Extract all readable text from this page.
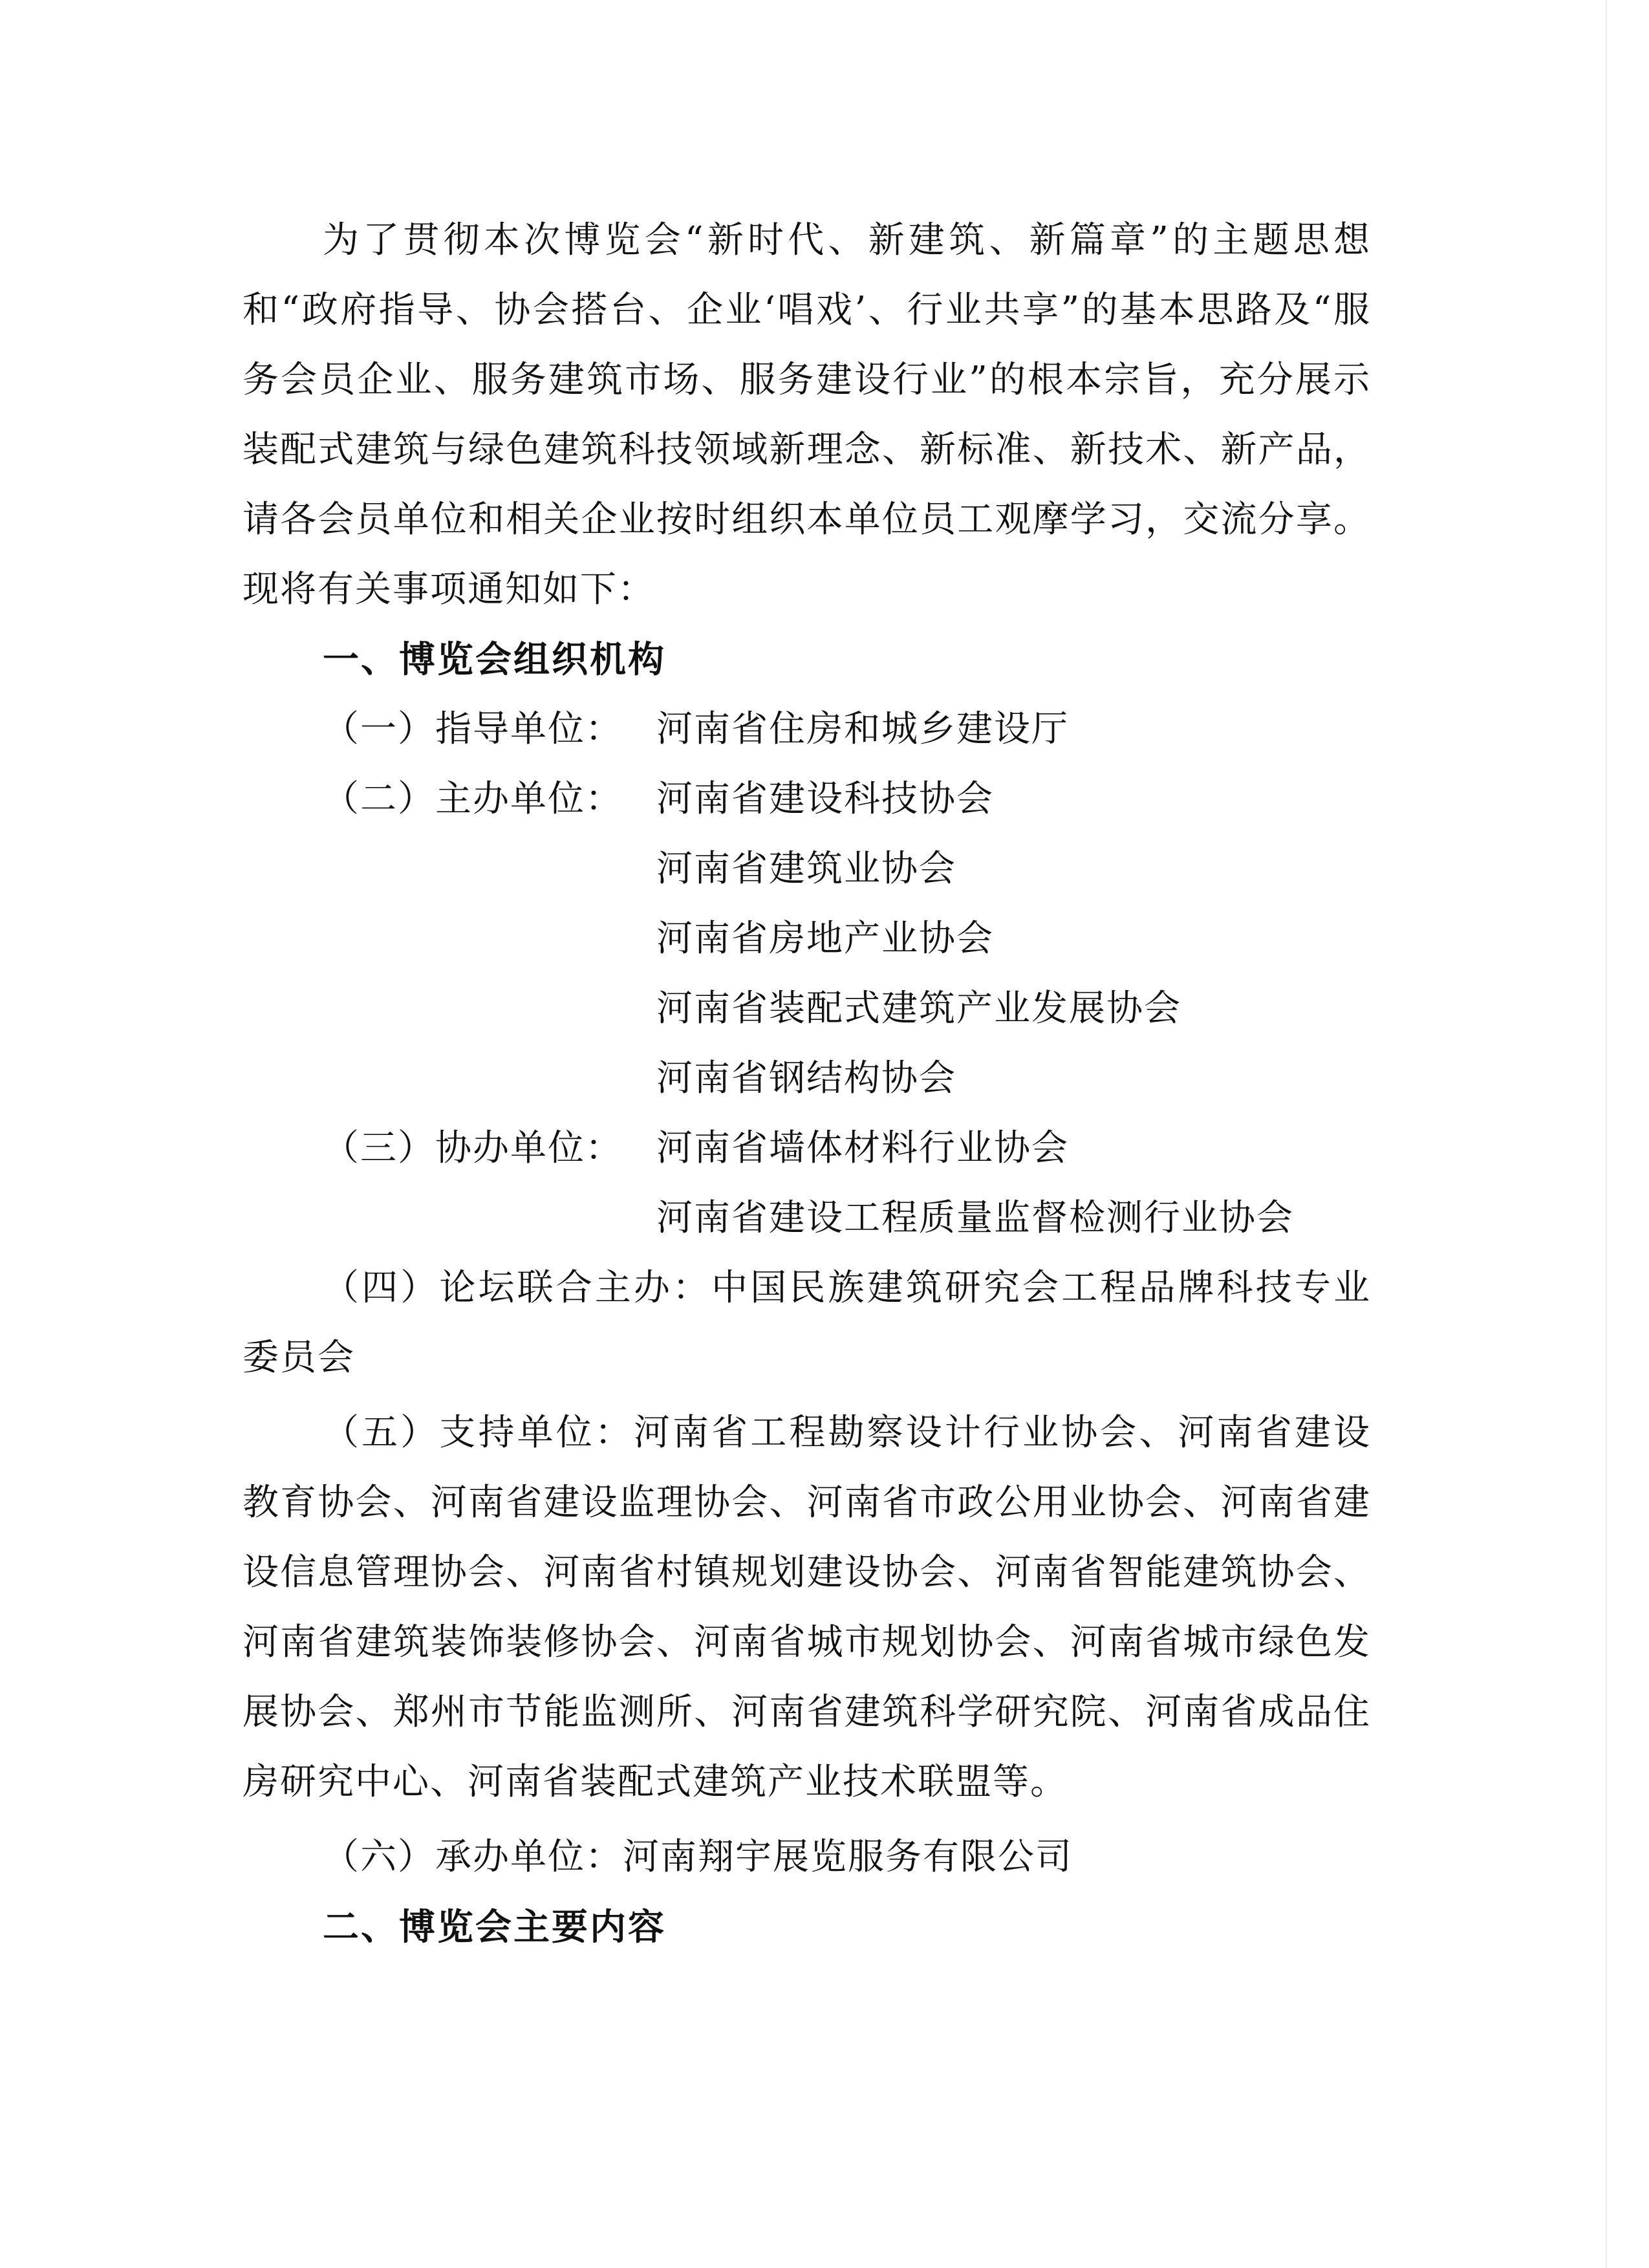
为了贯彻本次博览会“新时代、新建筑、新篇章”的主题思想和“政府指导、协会搭台、企业‘唱戏’、行业共享”的基本思路及“服务会员企业、服务建筑市场、服务建设行业”的根本宗旨，充分展示装配式建筑与绿色建筑科技领域新理念、新标准、新技术、新产品，请各会员单位和相关企业按时组织本单位员工观摩学习，交流分享。现将有关事项通知如下：

一、博览会组织机构

（一）指导单位： 河南省住房和城乡建设厅
（二）主办单位： 河南省建设科技协会
河南省建筑业协会
河南省房地产业协会
河南省装配式建筑产业发展协会
河南省钢结构协会
（三）协办单位： 河南省墙体材料行业协会
河南省建设工程质量监督检测行业协会

（四）论坛联合主办：中国民族建筑研究会工程品牌科技专业委员会

（五）支持单位：河南省工程勘察设计行业协会、河南省建设教育协会、河南省建设监理协会、河南省市政公用业协会、河南省建设信息管理协会、河南省村镇规划建设协会、河南省智能建筑协会、河南省建筑装饰装修协会、河南省城市规划协会、河南省城市绿色发展协会、郑州市节能监测所、河南省建筑科学研究院、河南省成品住房研究中心、河南省装配式建筑产业技术联盟等。

（六）承办单位：河南翔宇展览服务有限公司

二、博览会主要内容
